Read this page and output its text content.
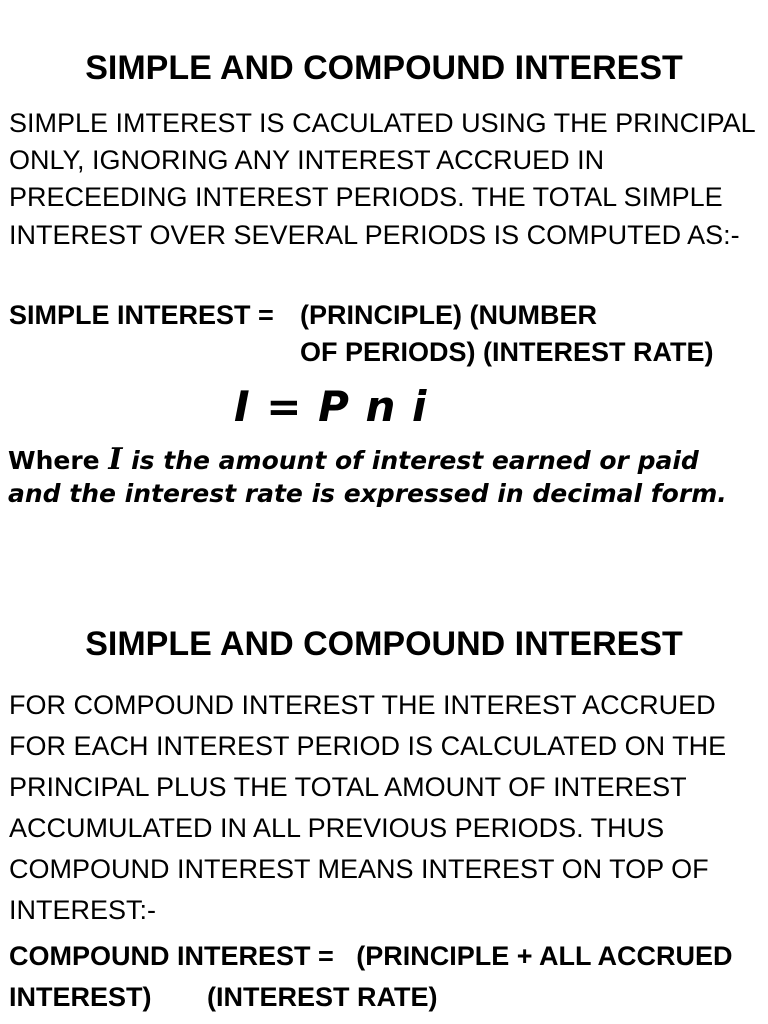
SIMPLE AND COMPOUND INTEREST

SIMPLE IMTEREST IS CACULATED USING THE PRINCIPAL ONLY, IGNORING ANY INTEREST ACCRUED IN PRECEEDING INTEREST PERIODS. THE TOTAL SIMPLE INTEREST OVER SEVERAL PERIODS IS COMPUTED AS:-

SIMPLE INTEREST = (PRINCIPLE) (NUMBER
OF PERIODS) (INTEREST RATE)
I = P n i

Where I is the amount of interest earned or paid and the interest rate is expressed in decimal form.

SIMPLE AND COMPOUND INTEREST

FOR COMPOUND INTEREST THE INTEREST ACCRUED FOR EACH INTEREST PERIOD IS CALCULATED ON THE PRINCIPAL PLUS THE TOTAL AMOUNT OF INTEREST ACCUMULATED IN ALL PREVIOUS PERIODS. THUS COMPOUND INTEREST MEANS INTEREST ON TOP OF INTEREST:-

COMPOUND INTEREST =   (PRINCIPLE + ALL ACCRUED
INTEREST) (INTEREST RATE)
